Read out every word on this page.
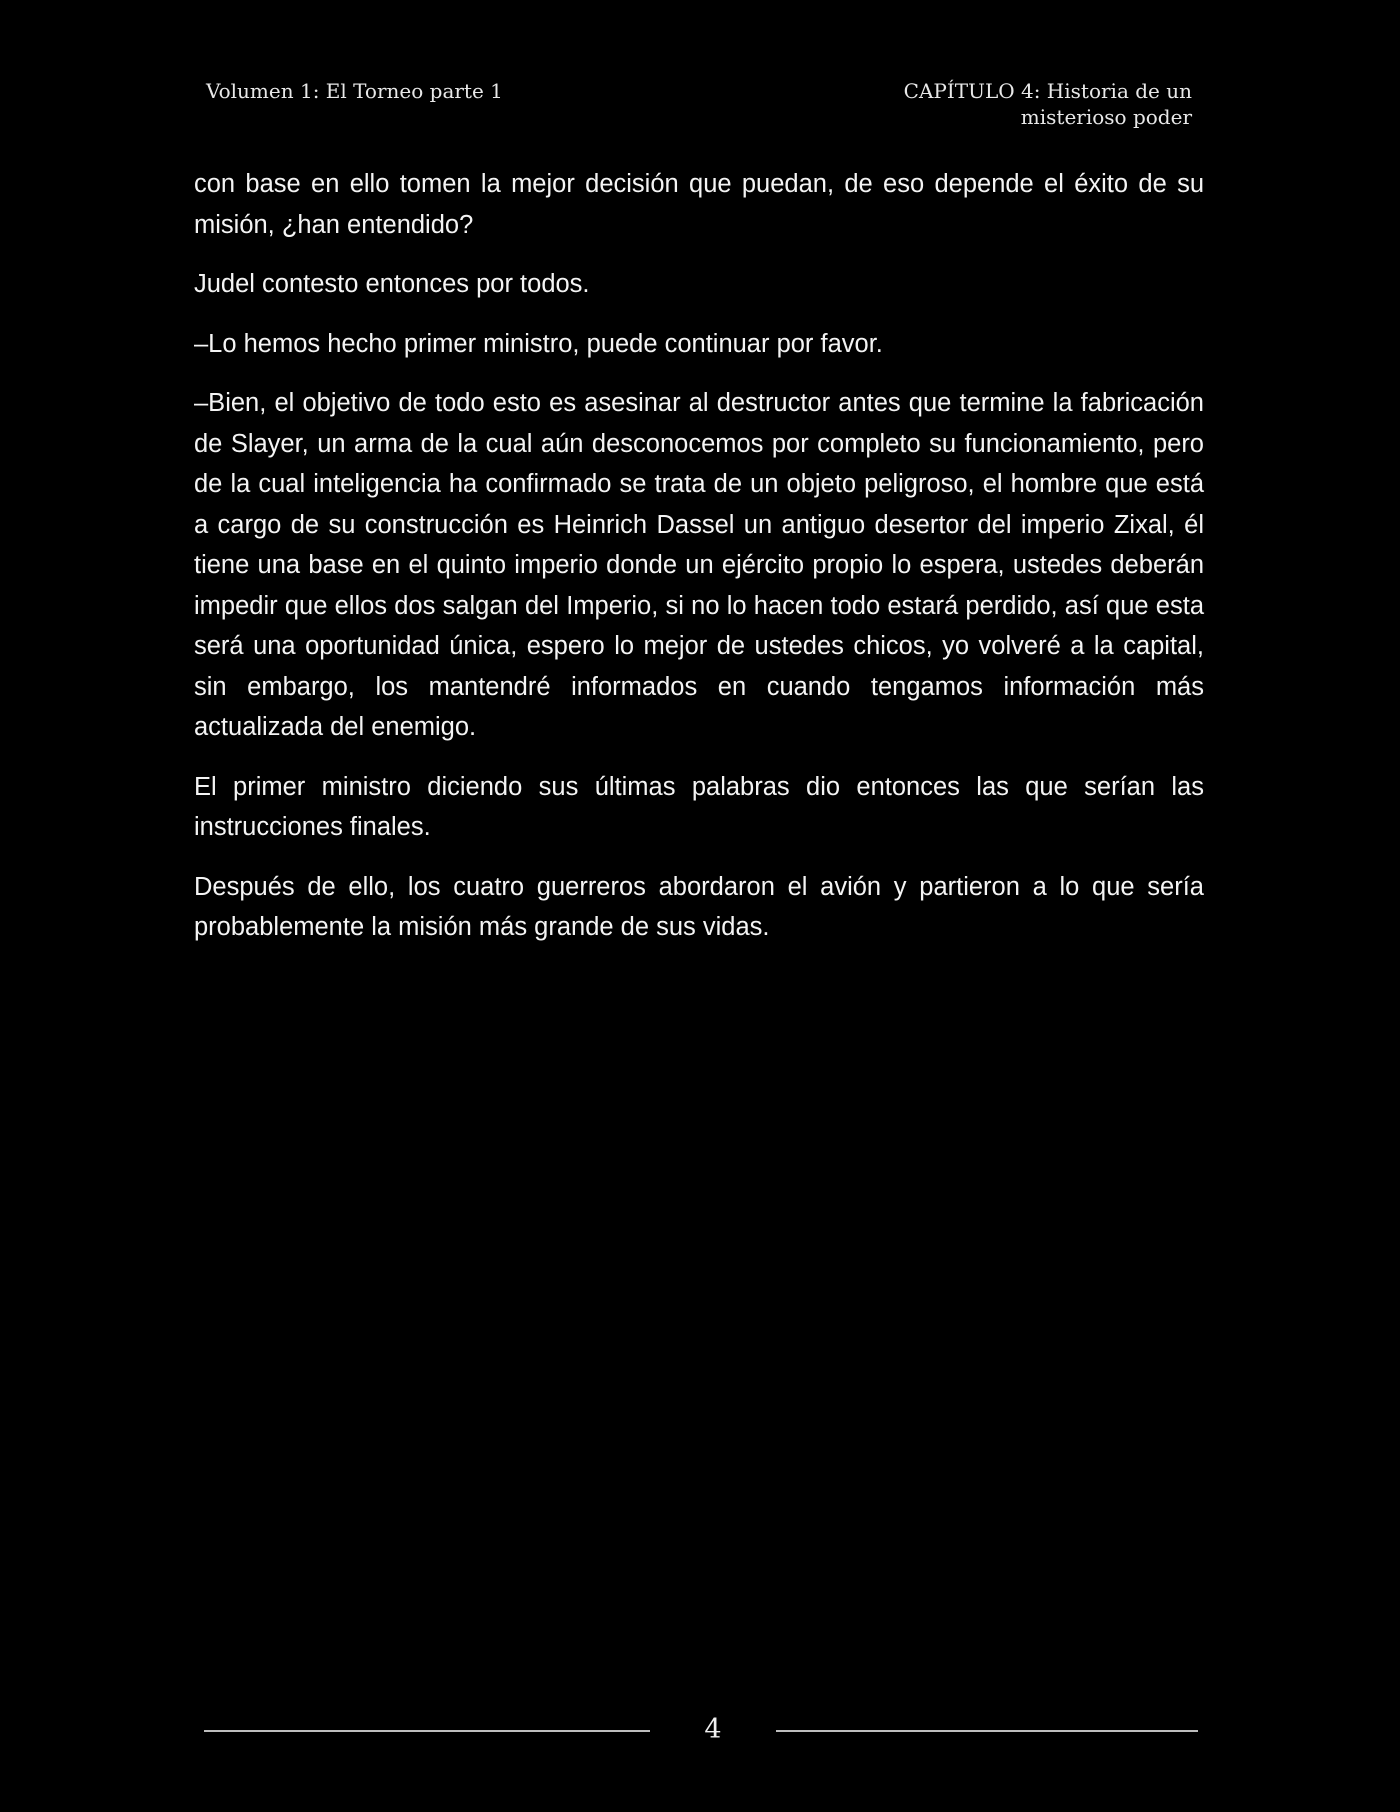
Volumen 1: El Torneo parte 1	CAPÍTULO 4: Historia de un
misterioso poder

con base en ello tomen la mejor decisión que puedan, de eso depende el éxito de su misión, ¿han entendido?

Judel contesto entonces por todos.

–Lo hemos hecho primer ministro, puede continuar por favor.

–Bien, el objetivo de todo esto es asesinar al destructor antes que termine la fabricación de Slayer, un arma de la cual aún desconocemos por completo su funcionamiento, pero de la cual inteligencia ha confirmado se trata de un objeto peligroso, el hombre que está a cargo de su construcción es Heinrich Dassel un antiguo desertor del imperio Zixal, él tiene una base en el quinto imperio donde un ejército propio lo espera, ustedes deberán impedir que ellos dos salgan del Imperio, si no lo hacen todo estará perdido, así que esta será una oportunidad única, espero lo mejor de ustedes chicos, yo volveré a la capital, sin embargo, los mantendré informados en cuando tengamos información más actualizada del enemigo.

El primer ministro diciendo sus últimas palabras dio entonces las que serían las instrucciones finales.

Después de ello, los cuatro guerreros abordaron el avión y partieron a lo que sería probablemente la misión más grande de sus vidas.

4
